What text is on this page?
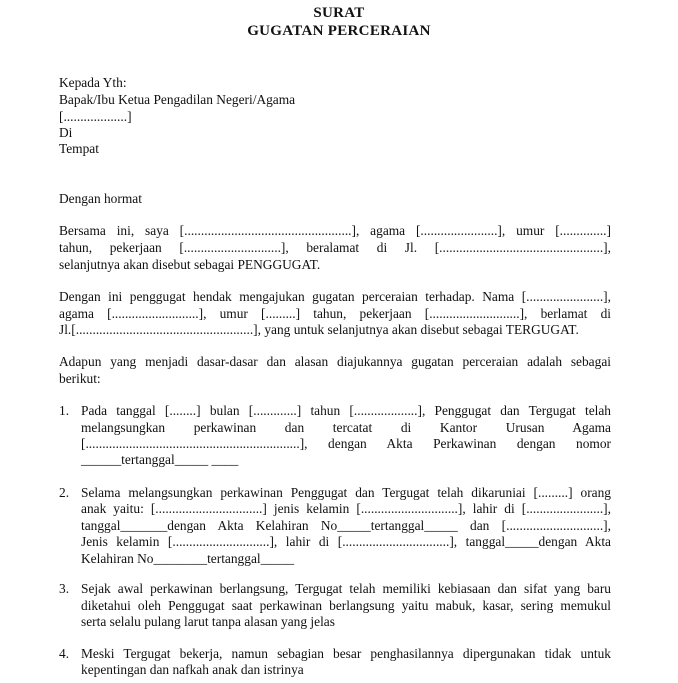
SURAT
GUGATAN PERCERAIAN
Kepada Yth:
Bapak/Ibu Ketua Pengadilan Negeri/Agama
[...................]
Di
Tempat
Dengan hormat
Bersama ini, saya [..................................................], agama [.......................], umur [..............]
tahun, pekerjaan [.............................], beralamat di Jl. [.................................................],
selanjutnya akan disebut sebagai PENGGUGAT.
Dengan ini penggugat hendak mengajukan gugatan perceraian terhadap. Nama [.......................],
agama [..........................], umur [.........] tahun, pekerjaan [...........................], berlamat di
Jl.[.....................................................], yang untuk selanjutnya akan disebut sebagai TERGUGAT.
Adapun yang menjadi dasar-dasar dan alasan diajukannya gugatan perceraian adalah sebagai
berikut:
1. Pada tanggal [........] bulan [.............] tahun [...................], Penggugat dan Tergugat telah
melangsungkan perkawinan dan tercatat di Kantor Urusan Agama
[................................................................], dengan Akta Perkawinan dengan nomor
______tertanggal_____ ____
2. Selama melangsungkan perkawinan Penggugat dan Tergugat telah dikaruniai [.........] orang
anak yaitu: [................................] jenis kelamin [.............................], lahir di [.......................],
tanggal_______dengan Akta Kelahiran No_____tertanggal_____ dan [.............................],
Jenis kelamin [.............................], lahir di [................................], tanggal_____dengan Akta
Kelahiran No________tertanggal_____
3. Sejak awal perkawinan berlangsung, Tergugat telah memiliki kebiasaan dan sifat yang baru
diketahui oleh Penggugat saat perkawinan berlangsung yaitu mabuk, kasar, sering memukul
serta selalu pulang larut tanpa alasan yang jelas
4. Meski Tergugat bekerja, namun sebagian besar penghasilannya dipergunakan tidak untuk
kepentingan dan nafkah anak dan istrinya
